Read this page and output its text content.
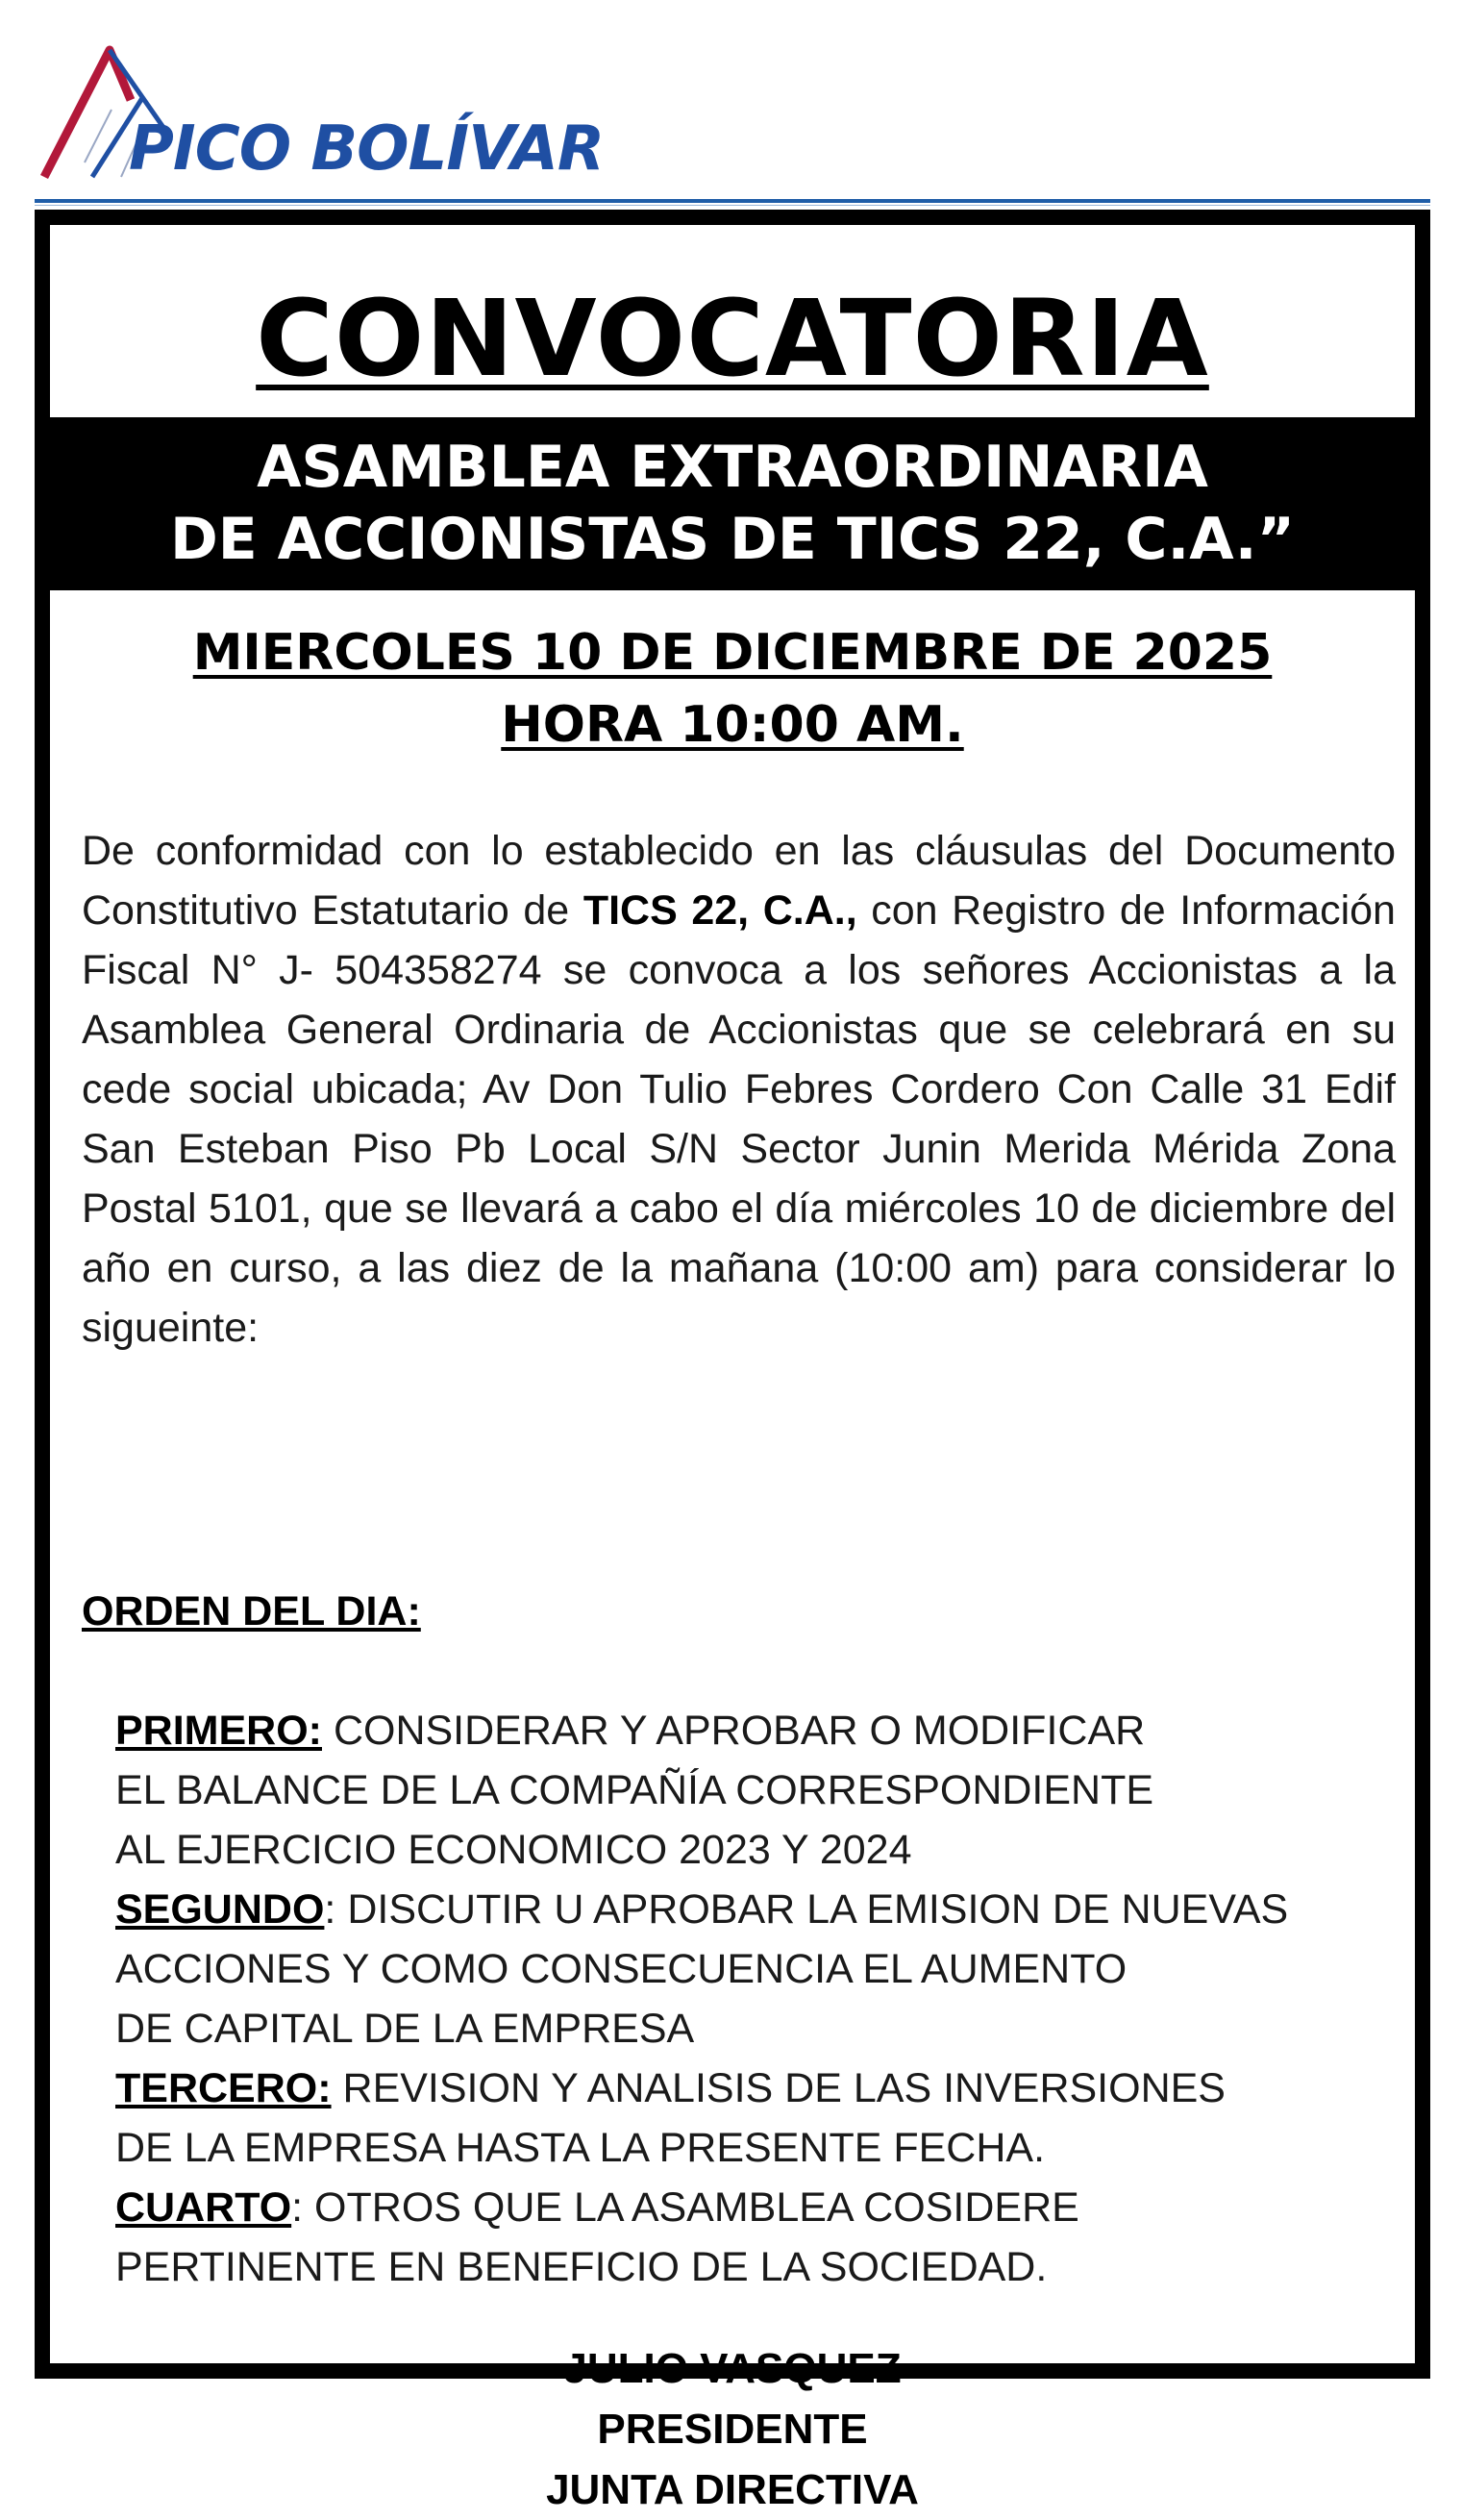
PICO BOLÍVAR
CONVOCATORIA
ASAMBLEA EXTRAORDINARIA
DE ACCIONISTAS DE TICS 22, C.A.”
MIERCOLES 10 DE DICIEMBRE DE 2025
HORA 10:00 AM.
De conformidad con lo establecido en las cláusulas del Documento Constitutivo Estatutario de TICS 22, C.A., con Registro de Información Fiscal N° J- 504358274 se convoca a los señores Accionistas a la Asamblea General Ordinaria de Accionistas que se celebrará en su cede social ubicada; Av Don Tulio Febres Cordero Con Calle 31 Edif San Esteban Piso Pb Local S/N Sector Junin Merida Mérida Zona Postal 5101, que se llevará a cabo el día miércoles 10 de diciembre del año en curso, a las diez de la mañana (10:00 am) para considerar lo sigueinte:
ORDEN DEL DIA:
PRIMERO: CONSIDERAR Y APROBAR O MODIFICAR
EL BALANCE DE LA COMPAÑÍA CORRESPONDIENTE
AL EJERCICIO ECONOMICO 2023 Y 2024
SEGUNDO: DISCUTIR U APROBAR LA EMISION DE NUEVAS
ACCIONES Y COMO CONSECUENCIA EL AUMENTO
DE CAPITAL DE LA EMPRESA
TERCERO: REVISION Y ANALISIS DE LAS INVERSIONES
DE LA EMPRESA HASTA LA PRESENTE FECHA.
CUARTO: OTROS QUE LA ASAMBLEA COSIDERE
PERTINENTE EN BENEFICIO DE LA SOCIEDAD.
JULIO VASQUEZ
PRESIDENTE
JUNTA DIRECTIVA
